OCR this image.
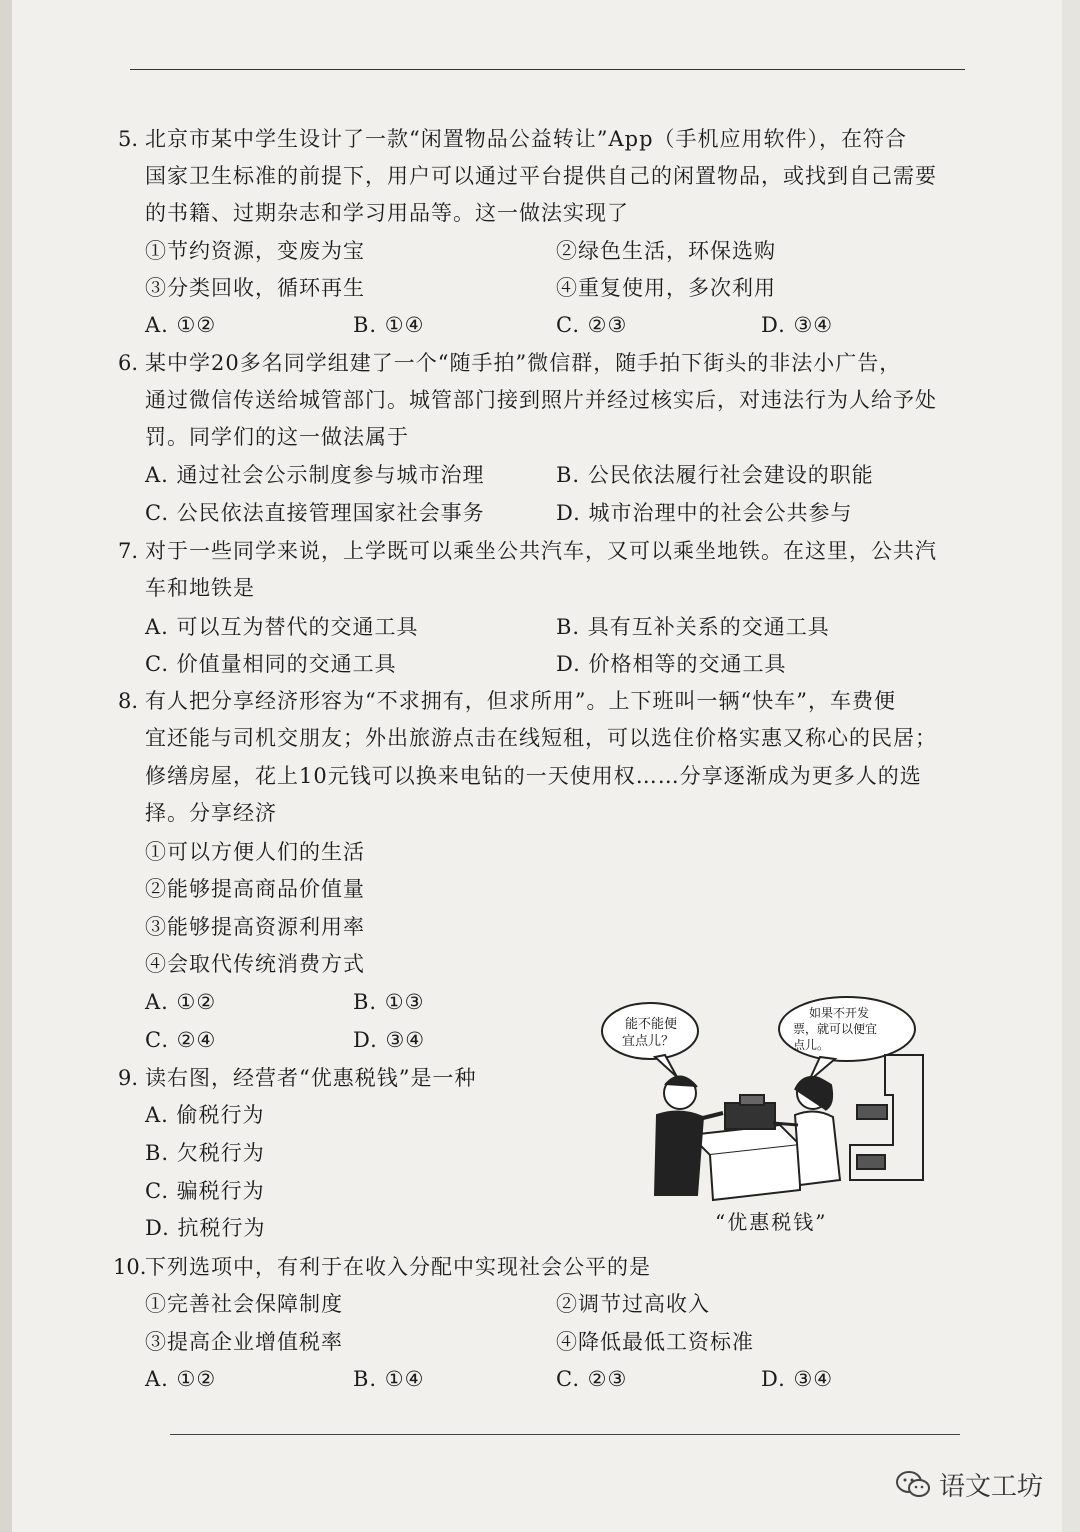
5. 北京市某中学生设计了一款“闲置物品公益转让”App（手机应用软件），在符合
国家卫生标准的前提下，用户可以通过平台提供自己的闲置物品，或找到自己需要
的书籍、过期杂志和学习用品等。这一做法实现了
①节约资源，变废为宝	②绿色生活，环保选购
③分类回收，循环再生	④重复使用，多次利用
A. ①②	B. ①④	C. ②③	D. ③④
6. 某中学20多名同学组建了一个“随手拍”微信群，随手拍下街头的非法小广告，
通过微信传送给城管部门。城管部门接到照片并经过核实后，对违法行为人给予处
罚。同学们的这一做法属于
A. 通过社会公示制度参与城市治理	B. 公民依法履行社会建设的职能
C. 公民依法直接管理国家社会事务	D. 城市治理中的社会公共参与
7. 对于一些同学来说，上学既可以乘坐公共汽车，又可以乘坐地铁。在这里，公共汽
车和地铁是
A. 可以互为替代的交通工具	B. 具有互补关系的交通工具
C. 价值量相同的交通工具	D. 价格相等的交通工具
8. 有人把分享经济形容为“不求拥有，但求所用”。上下班叫一辆“快车”，车费便
宜还能与司机交朋友；外出旅游点击在线短租，可以选住价格实惠又称心的民居；
修缮房屋，花上10元钱可以换来电钻的一天使用权……分享逐渐成为更多人的选
择。分享经济
①可以方便人们的生活
②能够提高商品价值量
③能够提高资源利用率
④会取代传统消费方式
A. ①②	B. ①③
C. ②④	D. ③④
9. 读右图，经营者“优惠税钱”是一种
A. 偷税行为
B. 欠税行为
C. 骗税行为
D. 抗税行为
能不能便
宜点儿？
如果不开发
票，就可以便宜
点儿。
“优惠税钱”
10.
下列选项中，有利于在收入分配中实现社会公平的是
①完善社会保障制度	②调节过高收入
③提高企业增值税率	④降低最低工资标准
A. ①②	B. ①④	C. ②③	D. ③④
语文工坊
